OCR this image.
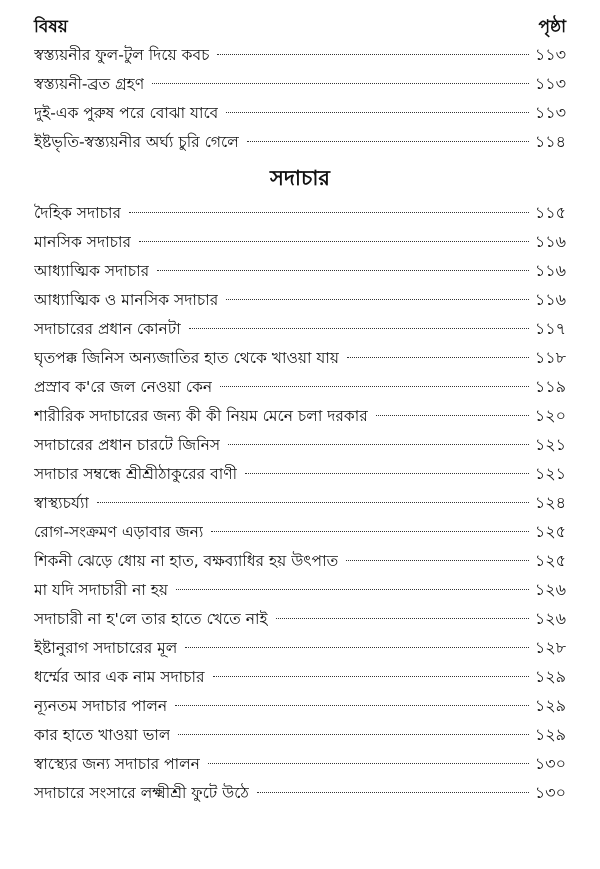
বিষয়	পৃষ্ঠা
স্বস্ত্যয়নীর ফুল-টুল দিয়ে কবচ	১১৩
স্বস্ত্যয়নী-ব্রত গ্রহণ	১১৩
দুই-এক পুরুষ পরে বোঝা যাবে	১১৩
ইষ্টভৃতি-স্বস্ত্যয়নীর অর্ঘ্য চুরি গেলে	১১৪
সদাচার
দৈহিক সদাচার	১১৫
মানসিক সদাচার	১১৬
আধ্যাত্মিক সদাচার	১১৬
আধ্যাত্মিক ও মানসিক সদাচার	১১৬
সদাচারের প্রধান কোনটা	১১৭
ঘৃতপক্ক জিনিস অন্যজাতির হাত থেকে খাওয়া যায়	১১৮
প্রস্রাব ক'রে জল নেওয়া কেন	১১৯
শারীরিক সদাচারের জন্য কী কী নিয়ম মেনে চলা দরকার	১২০
সদাচারের প্রধান চারটে জিনিস	১২১
সদাচার সম্বন্ধে শ্রীশ্রীঠাকুরের বাণী	১২১
স্বাস্থ্যচর্য্যা	১২৪
রোগ-সংক্রমণ এড়াবার জন্য	১২৫
শিকনী ঝেড়ে ধোয় না হাত, বক্ষব্যাধির হয় উৎপাত	১২৫
মা যদি সদাচারী না হয়	১২৬
সদাচারী না হ'লে তার হাতে খেতে নাই	১২৬
ইষ্টানুরাগ সদাচারের মূল	১২৮
ধর্ম্মের আর এক নাম সদাচার	১২৯
ন্যূনতম সদাচার পালন	১২৯
কার হাতে খাওয়া ভাল	১২৯
স্বাস্থ্যের জন্য সদাচার পালন	১৩০
সদাচারে সংসারে লক্ষ্মীশ্রী ফুটে উঠে	১৩০
